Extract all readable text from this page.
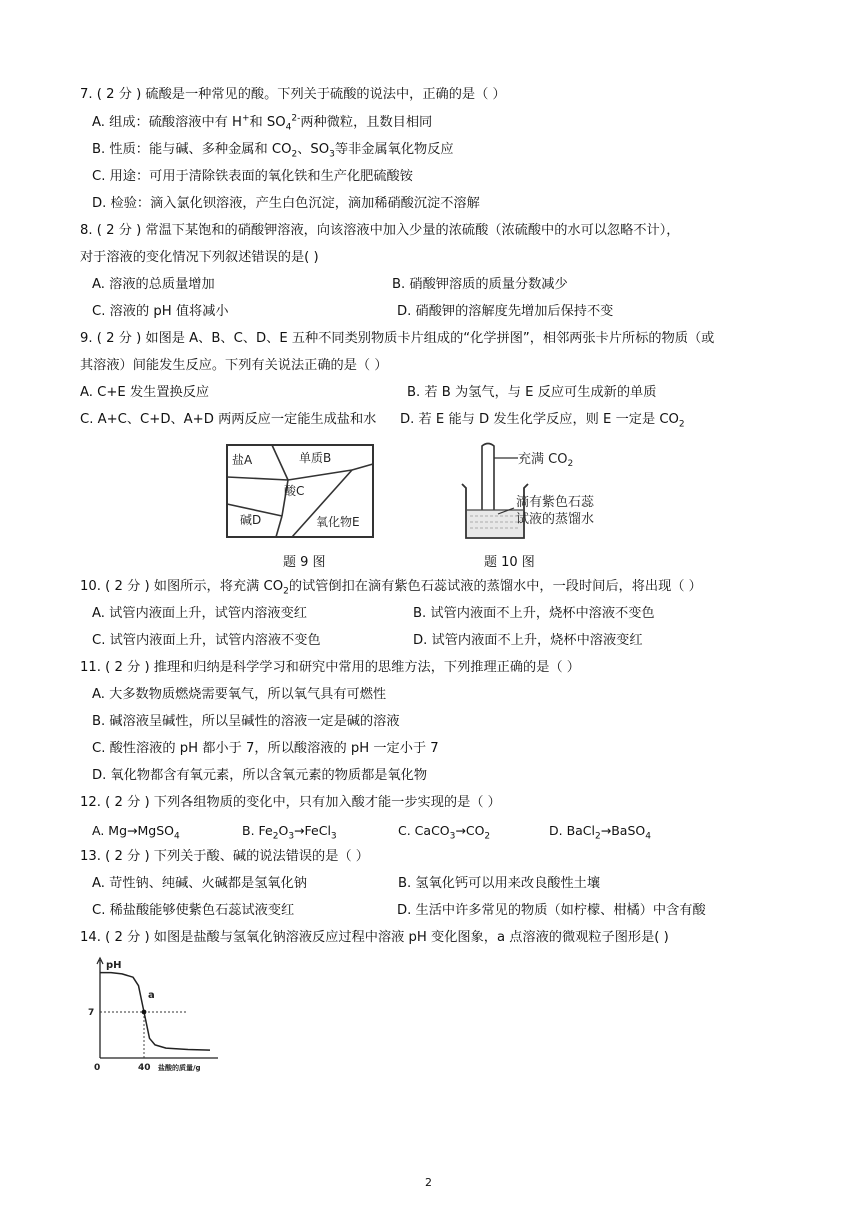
7. ( 2 分 ) 硫酸是一种常见的酸。下列关于硫酸的说法中，正确的是（ ）
A. 组成：硫酸溶液中有 H+和 $SO_4^{2-}$两种微粒，且数目相同
B. 性质：能与碱、多种金属和 $CO_2$、$SO_3$等非金属氧化物反应
C. 用途：可用于清除铁表面的氧化铁和生产化肥硫酸铵
D. 检验：滴入氯化钡溶液，产生白色沉淀，滴加稀硝酸沉淀不溶解
8. ( 2 分 ) 常温下某饱和的硝酸钾溶液，向该溶液中加入少量的浓硫酸（浓硫酸中的水可以忽略不计），
对于溶液的变化情况下列叙述错误的是( )
A. 溶液的总质量增加	B. 硝酸钾溶质的质量分数减少
C. 溶液的 pH 值将减小	D. 硝酸钾的溶解度先增加后保持不变
9. ( 2 分 ) 如图是 A、B、C、D、E 五种不同类别物质卡片组成的“化学拼图”，相邻两张卡片所标的物质（或
其溶液）间能发生反应。下列有关说法正确的是（ ）
A. C+E 发生置换反应	B. 若 B 为氢气，与 E 反应可生成新的单质
C. A+C、C+D、A+D 两两反应一定能生成盐和水 D. 若 E 能与 D 发生化学反应，则 E 一定是 $CO_2$
盐A	单质B
酸C
碱D	氧化物E
题 9 图
充满 $CO_2$
滴有紫色石蕊
试液的蒸馏水
题 10 图
10. ( 2 分 ) 如图所示，将充满 $CO_2$的试管倒扣在滴有紫色石蕊试液的蒸馏水中，一段时间后，将出现（ ）
A. 试管内液面上升，试管内溶液变红	B. 试管内液面不上升，烧杯中溶液不变色
C. 试管内液面上升，试管内溶液不变色	D. 试管内液面不上升，烧杯中溶液变红
11. ( 2 分 ) 推理和归纳是科学学习和研究中常用的思维方法，下列推理正确的是（ ）
A. 大多数物质燃烧需要氧气，所以氧气具有可燃性
B. 碱溶液呈碱性，所以呈碱性的溶液一定是碱的溶液
C. 酸性溶液的 pH 都小于 7，所以酸溶液的 pH 一定小于 7
D. 氧化物都含有氧元素，所以含氧元素的物质都是氧化物
12. ( 2 分 ) 下列各组物质的变化中，只有加入酸才能一步实现的是（ ）
A. Mg→MgSO$_4$	B. $Fe_2O_3\to FeCl_3$	C. $CaCO_3\to CO_2$	D. BaCl$_2$→BaSO$_4$
13. ( 2 分 ) 下列关于酸、碱的说法错误的是（ ）
A. 苛性钠、纯碱、火碱都是氢氧化钠	B. 氢氧化钙可以用来改良酸性土壤
C. 稀盐酸能够使紫色石蕊试液变红	D. 生活中许多常见的物质（如柠檬、柑橘）中含有酸
14. ( 2 分 ) 如图是盐酸与氢氧化钠溶液反应过程中溶液 pH 变化图象，a 点溶液的微观粒子图形是( )
a
pH
7
0	40 盐酸的质量/g
2
